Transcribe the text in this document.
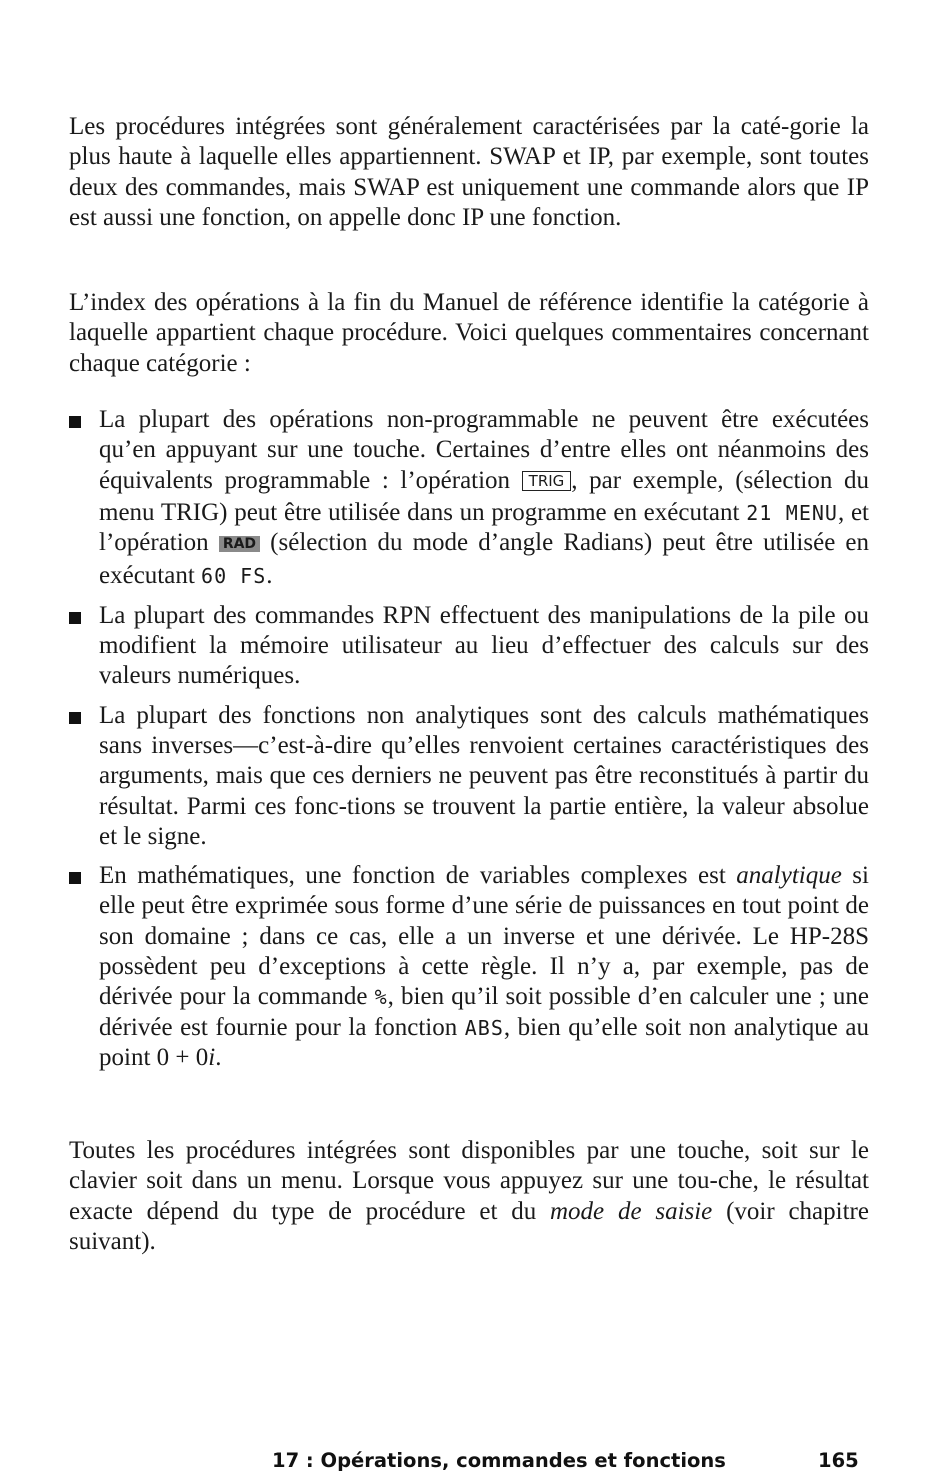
Les procédures intégrées sont généralement caractérisées par la caté-gorie la plus haute à laquelle elles appartiennent. SWAP et IP, par exemple, sont toutes deux des commandes, mais SWAP est uniquement une commande alors que IP est aussi une fonction, on appelle donc IP une fonction.

L’index des opérations à la fin du Manuel de référence identifie la catégorie à laquelle appartient chaque procédure. Voici quelques commentaires concernant chaque catégorie :

La plupart des opérations non-programmable ne peuvent être exécutées qu’en appuyant sur une touche. Certaines d’entre elles ont néanmoins des équivalents programmable : l’opération TRIG , par exemple, (sélection du menu TRIG) peut être utilisée dans un programme en exécutant 21 MENU, et l’opération RAD (sélection du mode d’angle Radians) peut être utilisée en exécutant 60 FS.
La plupart des commandes RPN effectuent des manipulations de la pile ou modifient la mémoire utilisateur au lieu d’effectuer des calculs sur des valeurs numériques.
La plupart des fonctions non analytiques sont des calculs mathématiques sans inverses—c’est-à-dire qu’elles renvoient certaines caractéristiques des arguments, mais que ces derniers ne peuvent pas être reconstitués à partir du résultat. Parmi ces fonc-tions se trouvent la partie entière, la valeur absolue et le signe.
En mathématiques, une fonction de variables complexes est analytique si elle peut être exprimée sous forme d’une série de puissances en tout point de son domaine ; dans ce cas, elle a un inverse et une dérivée. Le HP-28S possèdent peu d’exceptions à cette règle. Il n’y a, par exemple, pas de dérivée pour la commande %, bien qu’il soit possible d’en calculer une ; une dérivée est fournie pour la fonction ABS, bien qu’elle soit non analytique au point 0 + 0i.

Toutes les procédures intégrées sont disponibles par une touche, soit sur le clavier soit dans un menu. Lorsque vous appuyez sur une tou-che, le résultat exacte dépend du type de procédure et du mode de saisie (voir chapitre suivant).

17 : Opérations, commandes et fonctions	165
